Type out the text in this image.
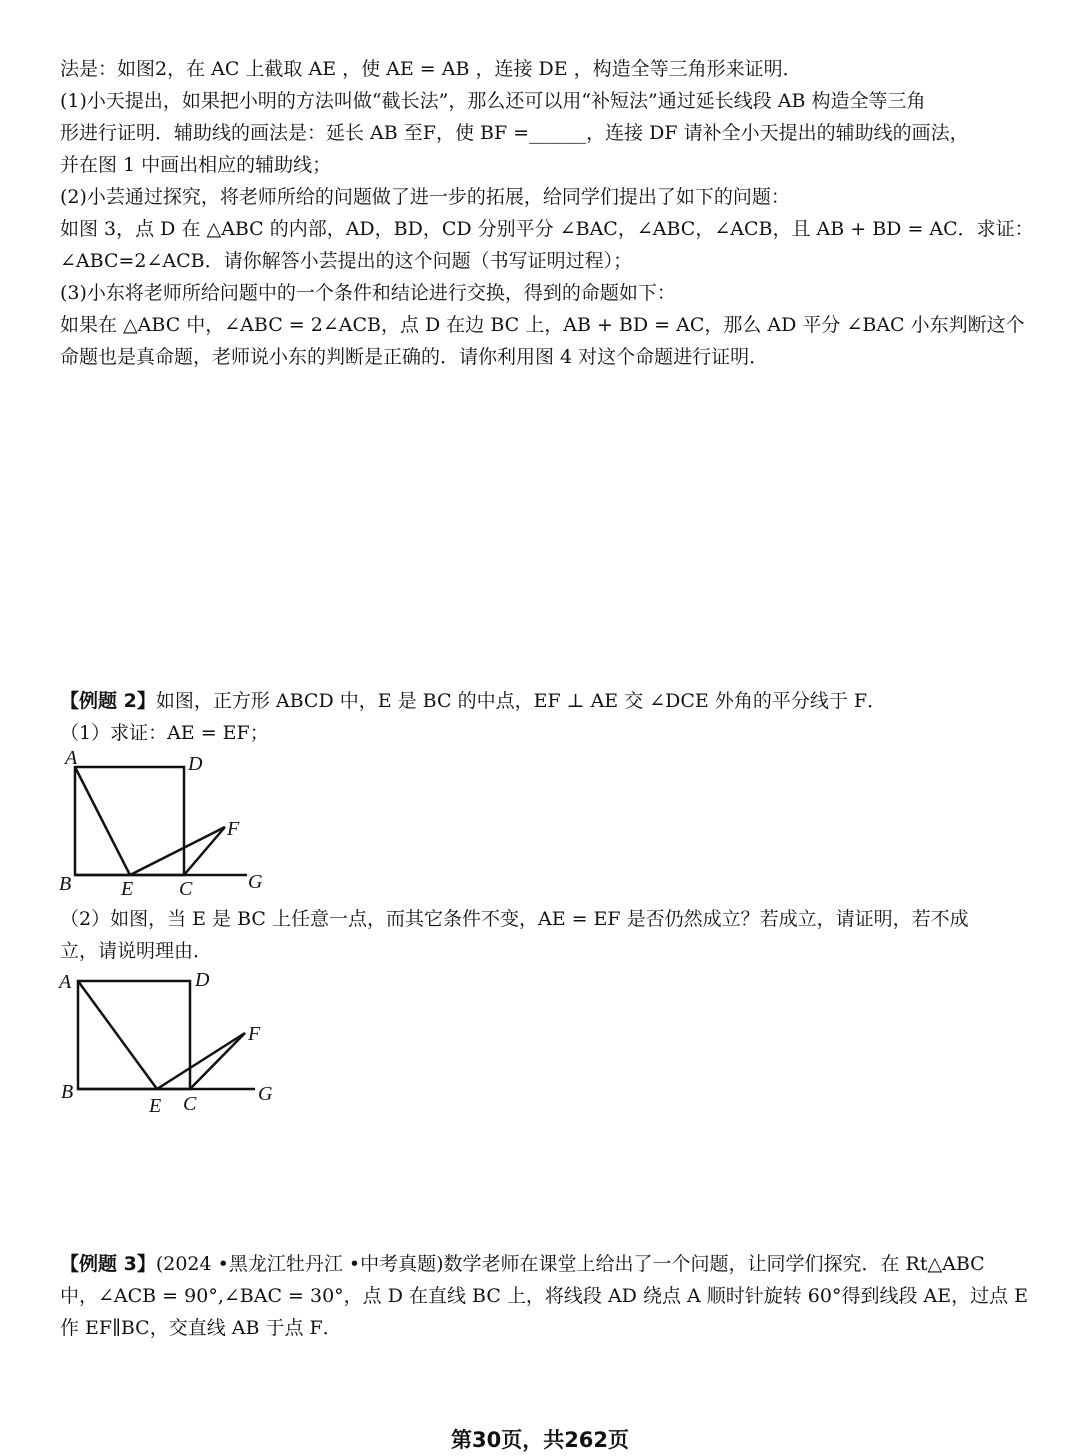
法是：如图2，在 AC 上截取 AE ，使 AE = AB ，连接 DE ，构造全等三角形来证明．
(1)小天提出，如果把小明的方法叫做“截长法”，那么还可以用“补短法”通过延长线段 AB 构造全等三角
形进行证明．辅助线的画法是：延长 AB 至F，使 BF =______，连接 DF 请补全小天提出的辅助线的画法，
并在图 1 中画出相应的辅助线；
(2)小芸通过探究，将老师所给的问题做了进一步的拓展，给同学们提出了如下的问题：
如图 3，点 D 在 △ABC 的内部，AD，BD，CD 分别平分 ∠BAC，∠ABC，∠ACB，且 AB + BD = AC．求证：
∠ABC=2∠ACB．请你解答小芸提出的这个问题（书写证明过程）；
(3)小东将老师所给问题中的一个条件和结论进行交换，得到的命题如下：
如果在 △ABC 中，∠ABC = 2∠ACB，点 D 在边 BC 上，AB + BD = AC，那么 AD 平分 ∠BAC 小东判断这个
命题也是真命题，老师说小东的判断是正确的．请你利用图 4 对这个命题进行证明．
【例题 2】如图，正方形 ABCD 中，E 是 BC 的中点，EF ⊥ AE 交 ∠DCE 外角的平分线于 F．
（1）求证：AE = EF；
A	D
F
B E C	G
（2）如图，当 E 是 BC 上任意一点，而其它条件不变，AE = EF 是否仍然成立？若成立，请证明，若不成
立，请说明理由．
A	D
F
B
E C	G
【例题 3】(2024 •黑龙江牡丹江 •中考真题)数学老师在课堂上给出了一个问题，让同学们探究．在 Rt△ABC
中，∠ACB = 90°,∠BAC = 30°，点 D 在直线 BC 上，将线段 AD 绕点 A 顺时针旋转 60°得到线段 AE，过点 E
作 EF∥BC，交直线 AB 于点 F．
第30页，共262页
